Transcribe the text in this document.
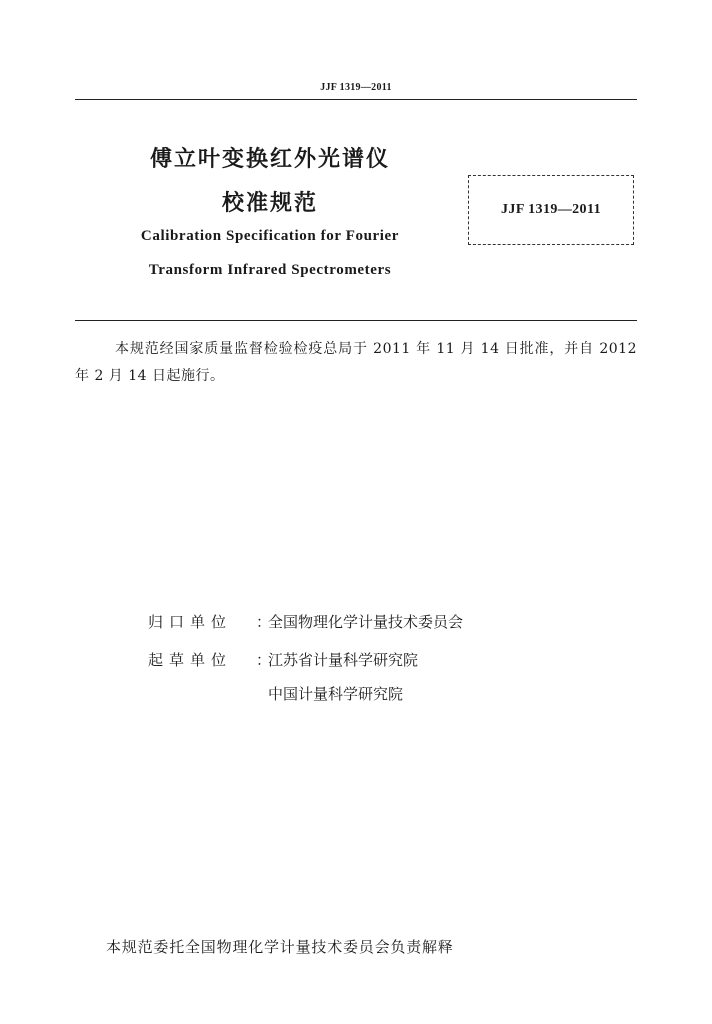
JJF 1319—2011
傅立叶变换红外光谱仪
校准规范
Calibration Specification for Fourier
Transform Infrared Spectrometers
JJF 1319—2011
本规范经国家质量监督检验检疫总局于 2011 年 11 月 14 日批准，并自 2012 年 2 月 14 日起施行。
归口单位 ：全国物理化学计量技术委员会
起草单位 ：江苏省计量科学研究院
中国计量科学研究院
本规范委托全国物理化学计量技术委员会负责解释
